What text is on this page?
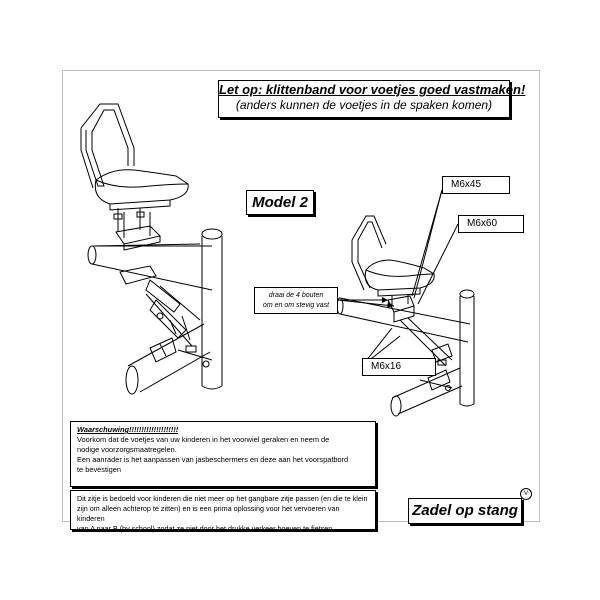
Let op: klittenband voor voetjes goed vastmaken!
(anders kunnen de voetjes in de spaken komen)
Model 2
M6x45
M6x60
M6x16
draai de 4 bouten
om en om stevig vast
Waarschuwing!!!!!!!!!!!!!!!!!!!!
Voorkom dat de voetjes van uw kinderen in het voorwiel geraken en neem de
nodige voorzorgsmaatregelen.
Een aanrader is het aanpassen van jasbeschermers en deze aan het voorspatbord
te bevestigen
Dit zitje is bedoeld voor kinderen die niet meer op het gangbare zitje passen (en die te klein
zijn om alleen achterop te zitten) en is een prima oplossing voor het vervoeren van kinderen
van A naar B (bv school) zodat ze niet door het drukke verkeer hoeven te fietsen.
Zadel op stang
V
